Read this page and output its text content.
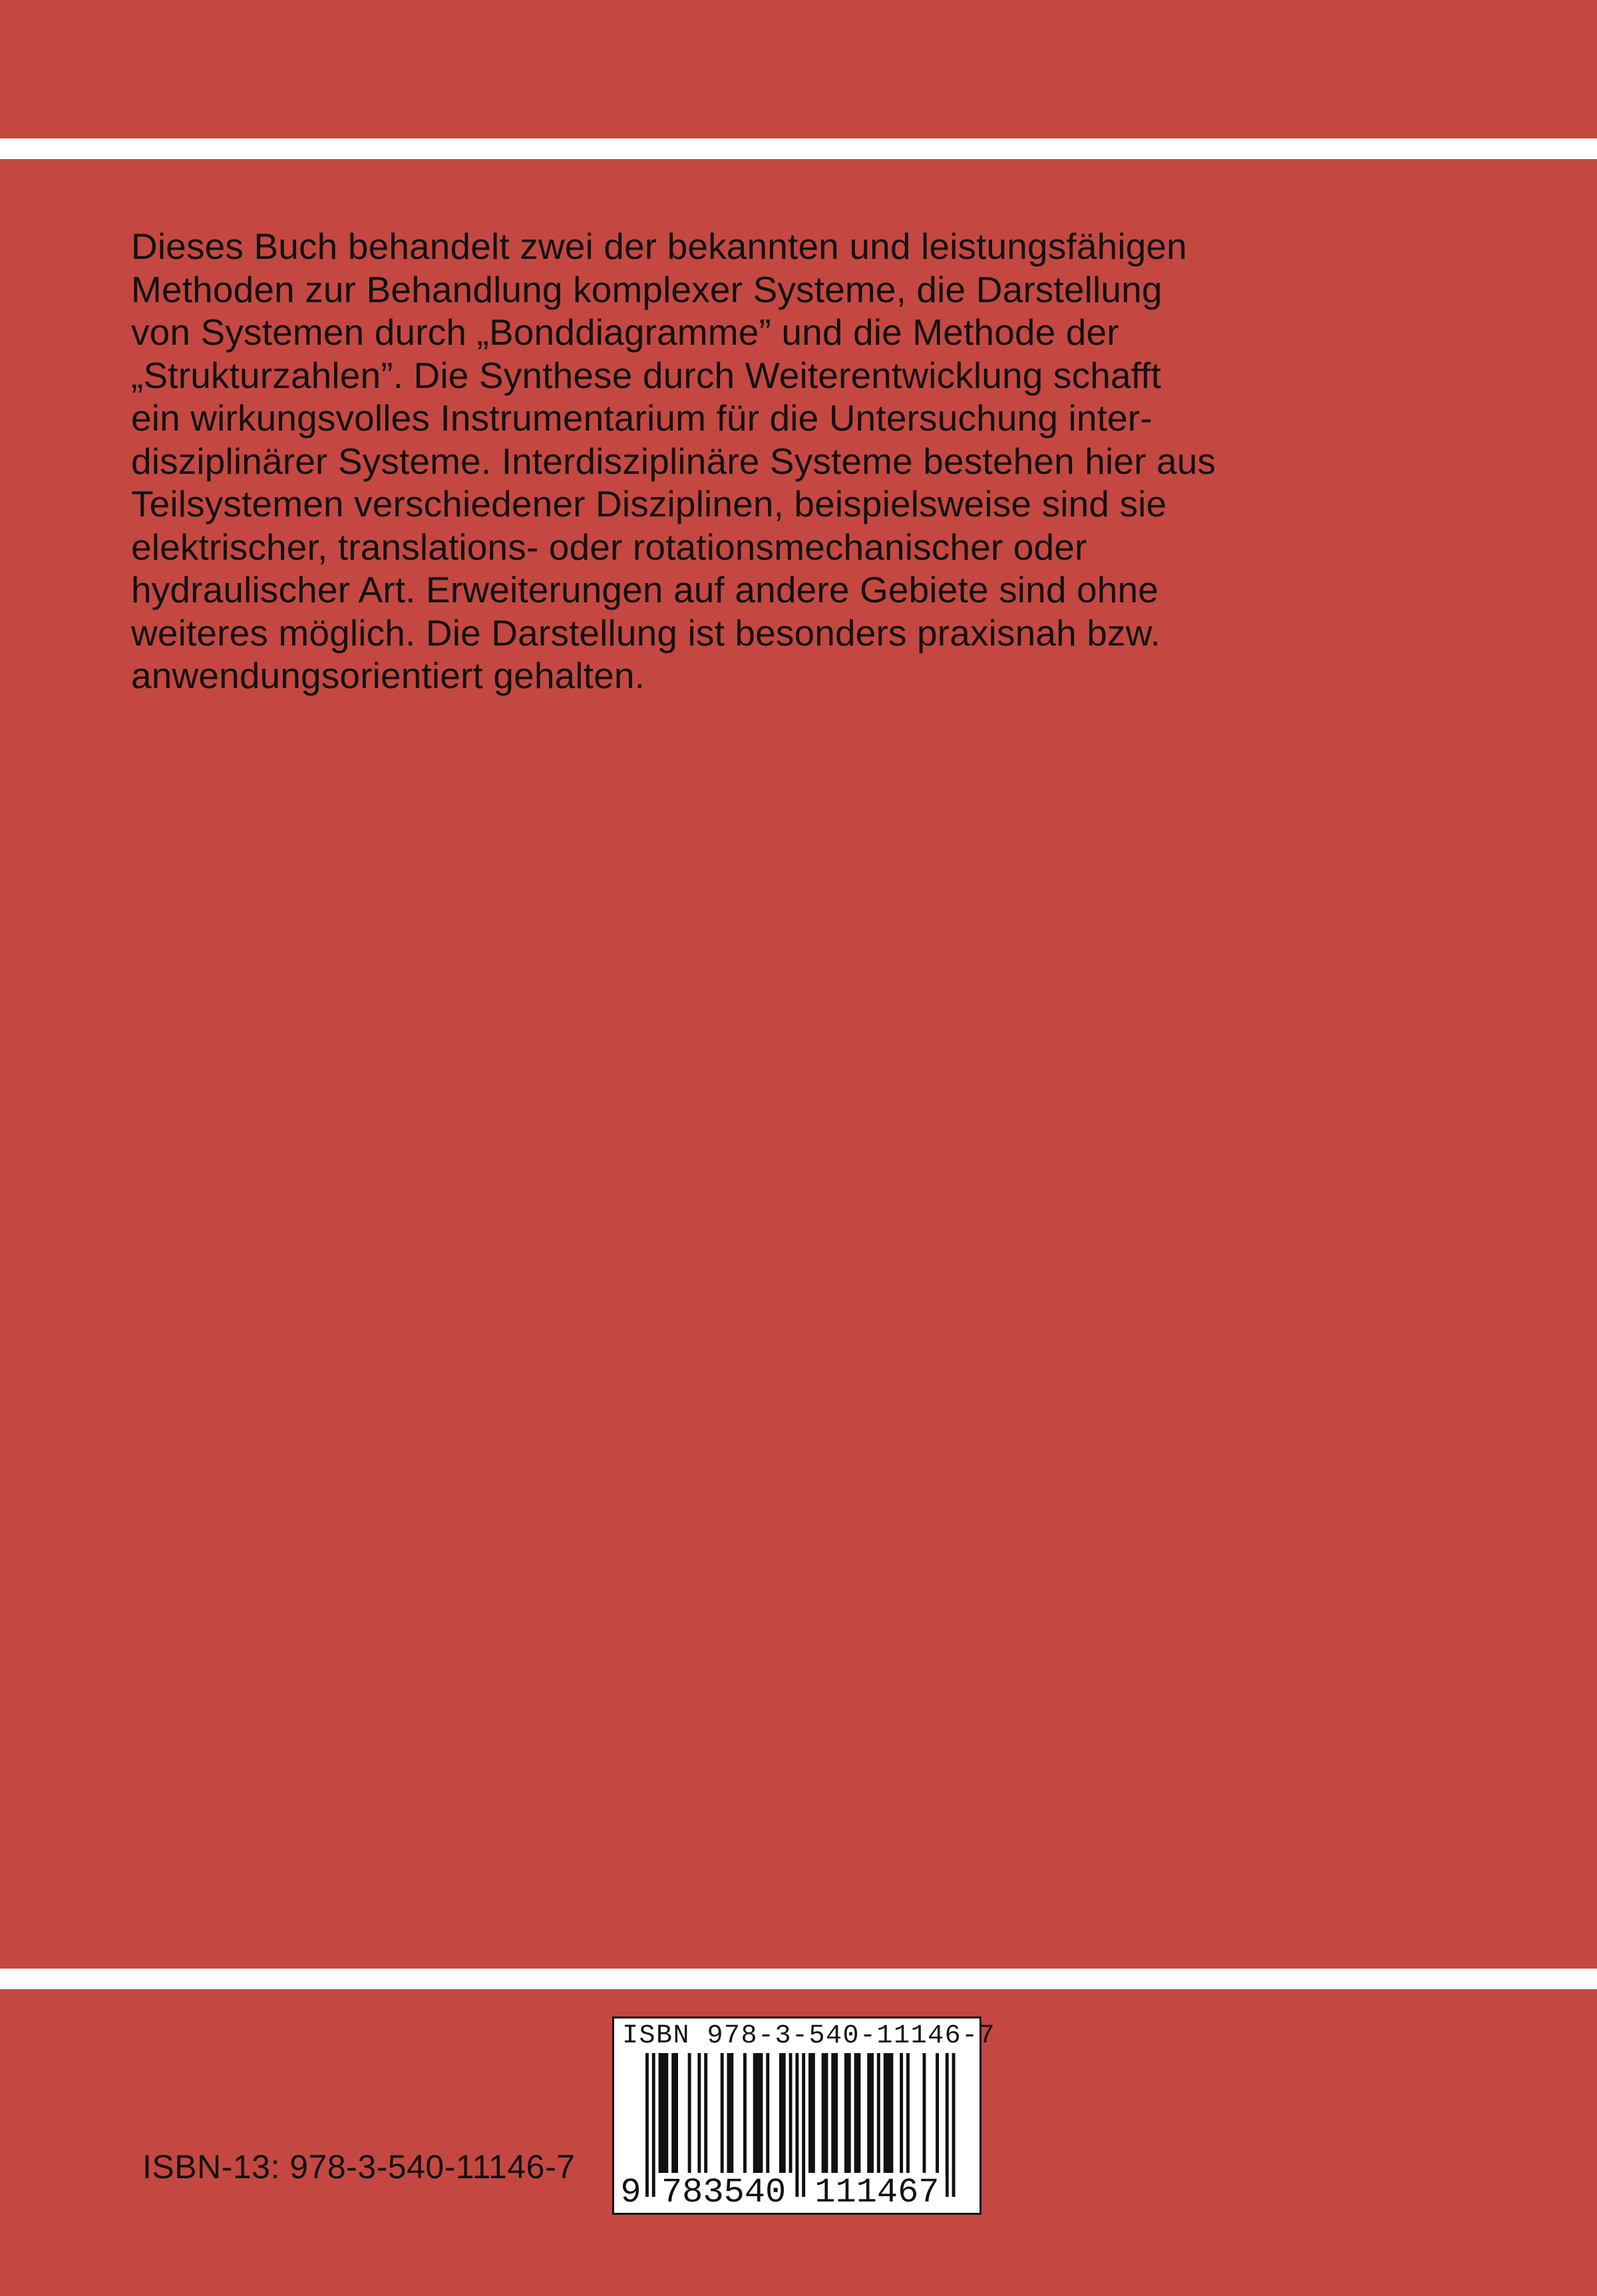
Dieses Buch behandelt zwei der bekannten und leistungsfähigen
Methoden zur Behandlung komplexer Systeme, die Darstellung
von Systemen durch „Bonddiagramme” und die Methode der
„Strukturzahlen”. Die Synthese durch Weiterentwicklung schafft
ein wirkungsvolles Instrumentarium für die Untersuchung inter-
disziplinärer Systeme. Interdisziplinäre Systeme bestehen hier aus
Teilsystemen verschiedener Disziplinen, beispielsweise sind sie
elektrischer, translations- oder rotationsmechanischer oder
hydraulischer Art. Erweiterungen auf andere Gebiete sind ohne
weiteres möglich. Die Darstellung ist besonders praxisnah bzw.
anwendungsorientiert gehalten.
ISBN-13: 978-3-540-11146-7
ISBN 978-3-540-11146-7
9 783540 111467
